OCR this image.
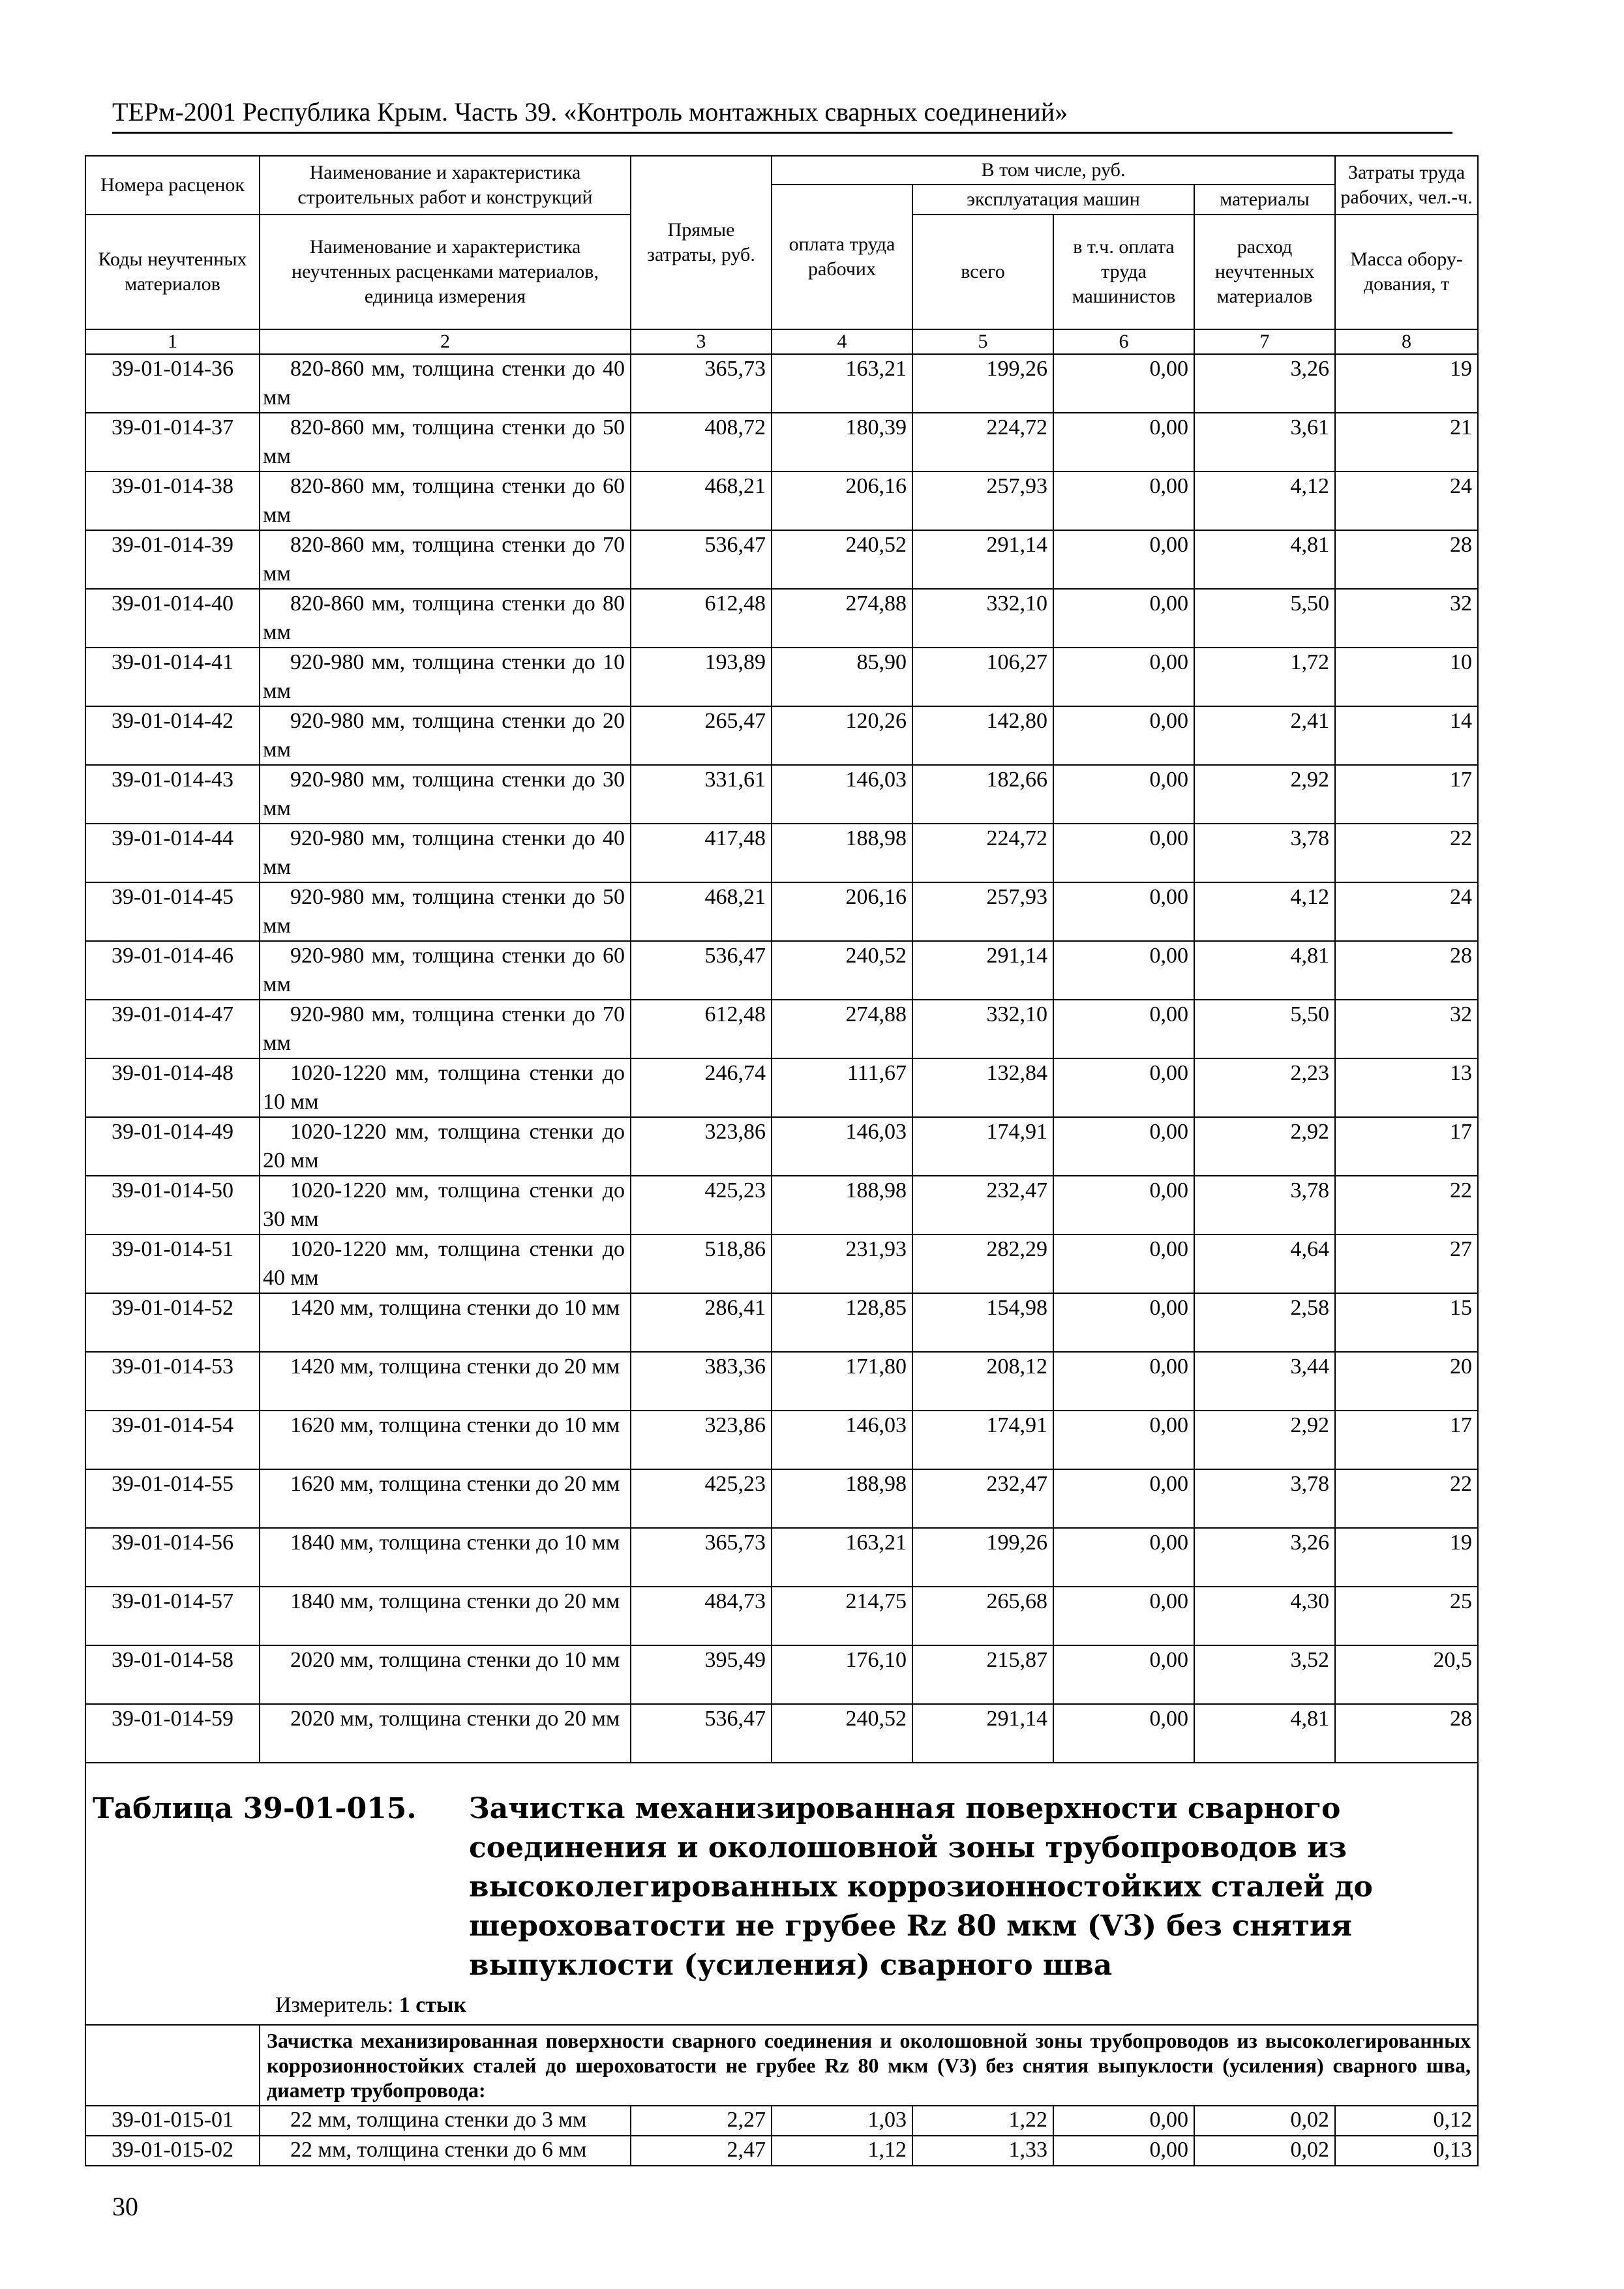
ТЕРм-2001 Республика Крым. Часть 39. «Контроль монтажных сварных соединений»
Номера расценок	Наименование и характеристика строительных работ и конструкций	Прямые затраты, руб.	В том числе, руб.				Затраты труда рабочих, чел.-ч.
			оплата труда рабочих	эксплуатация машин		материалы	
Коды неучтенных материалов	Наименование и характеристика неучтенных расценками материалов, единица измерения			всего	в т.ч. оплата труда машинистов	расход неучтенных материалов	
							Масса обору-дования, т
1	2	3	4	5	6	7	8
39-01-014-36	820-860 мм, толщина стенки до 40 мм	365,73	163,21	199,26	0,00	3,26	19
39-01-014-37	820-860 мм, толщина стенки до 50 мм	408,72	180,39	224,72	0,00	3,61	21
39-01-014-38	820-860 мм, толщина стенки до 60 мм	468,21	206,16	257,93	0,00	4,12	24
39-01-014-39	820-860 мм, толщина стенки до 70 мм	536,47	240,52	291,14	0,00	4,81	28
39-01-014-40	820-860 мм, толщина стенки до 80 мм	612,48	274,88	332,10	0,00	5,50	32
39-01-014-41	920-980 мм, толщина стенки до 10 мм	193,89	85,90	106,27	0,00	1,72	10
39-01-014-42	920-980 мм, толщина стенки до 20 мм	265,47	120,26	142,80	0,00	2,41	14
39-01-014-43	920-980 мм, толщина стенки до 30 мм	331,61	146,03	182,66	0,00	2,92	17
39-01-014-44	920-980 мм, толщина стенки до 40 мм	417,48	188,98	224,72	0,00	3,78	22
39-01-014-45	920-980 мм, толщина стенки до 50 мм	468,21	206,16	257,93	0,00	4,12	24
39-01-014-46	920-980 мм, толщина стенки до 60 мм	536,47	240,52	291,14	0,00	4,81	28
39-01-014-47	920-980 мм, толщина стенки до 70 мм	612,48	274,88	332,10	0,00	5,50	32
39-01-014-48	1020-1220 мм, толщина стенки до 10 мм	246,74	111,67	132,84	0,00	2,23	13
39-01-014-49	1020-1220 мм, толщина стенки до 20 мм	323,86	146,03	174,91	0,00	2,92	17
39-01-014-50	1020-1220 мм, толщина стенки до 30 мм	425,23	188,98	232,47	0,00	3,78	22
39-01-014-51	1020-1220 мм, толщина стенки до 40 мм	518,86	231,93	282,29	0,00	4,64	27
39-01-014-52	1420 мм, толщина стенки до 10 мм	286,41	128,85	154,98	0,00	2,58	15
39-01-014-53	1420 мм, толщина стенки до 20 мм	383,36	171,80	208,12	0,00	3,44	20
39-01-014-54	1620 мм, толщина стенки до 10 мм	323,86	146,03	174,91	0,00	2,92	17
39-01-014-55	1620 мм, толщина стенки до 20 мм	425,23	188,98	232,47	0,00	3,78	22
39-01-014-56	1840 мм, толщина стенки до 10 мм	365,73	163,21	199,26	0,00	3,26	19
39-01-014-57	1840 мм, толщина стенки до 20 мм	484,73	214,75	265,68	0,00	4,30	25
39-01-014-58	2020 мм, толщина стенки до 10 мм	395,49	176,10	215,87	0,00	3,52	20,5
39-01-014-59	2020 мм, толщина стенки до 20 мм	536,47	240,52	291,14	0,00	4,81	28

Таблица 39-01-015. Зачистка механизированная поверхности сварного соединения и околошовной зоны трубопроводов из высоколегированных коррозионностойких сталей до шероховатости не грубее Rz 80 мкм (V3) без снятия выпуклости (усиления) сварного шва
Измеритель: 1 стык							

	Зачистка механизированная поверхности сварного соединения и околошовной зоны трубопроводов из высоколегированных коррозионностойких сталей до шероховатости не грубее Rz 80 мкм (V3) без снятия выпуклости (усиления) сварного шва, диаметр трубопровода:						
39-01-015-01	22 мм, толщина стенки до 3 мм	2,27	1,03	1,22	0,00	0,02	0,12
39-01-015-02	22 мм, толщина стенки до 6 мм	2,47	1,12	1,33	0,00	0,02	0,13
30
